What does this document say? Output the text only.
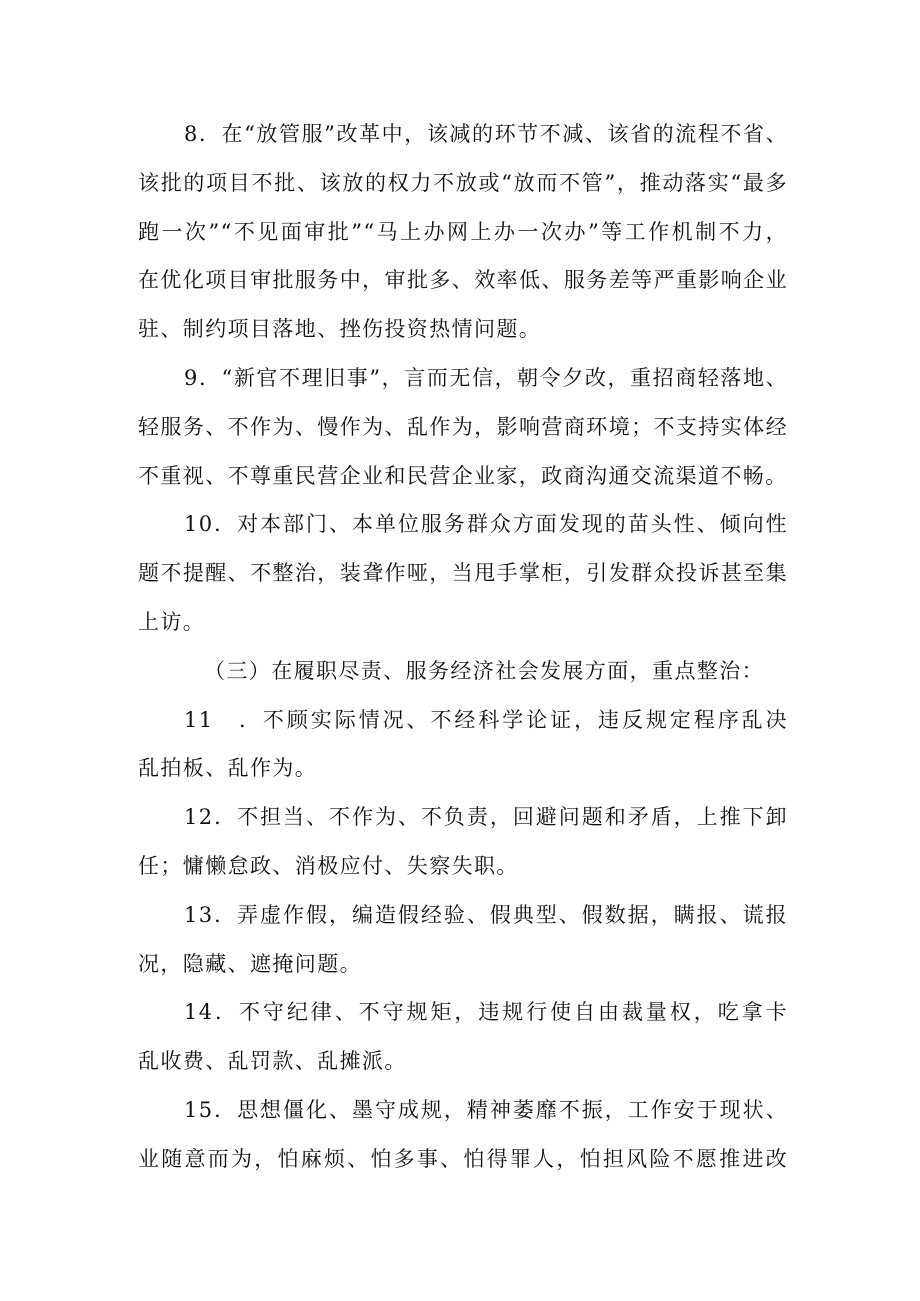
8．在“放管服”改革中，该减的环节不减、该省的流程不省、
该批的项目不批、该放的权力不放或“放而不管”，推动落实“最多
跑一次”“不见面审批”“马上办网上办一次办”等工作机制不力，
在优化项目审批服务中，审批多、效率低、服务差等严重影响企业
驻、制约项目落地、挫伤投资热情问题。
9．“新官不理旧事”，言而无信，朝令夕改，重招商轻落地、
轻服务、不作为、慢作为、乱作为，影响营商环境；不支持实体经
不重视、不尊重民营企业和民营企业家，政商沟通交流渠道不畅。
10．对本部门、本单位服务群众方面发现的苗头性、倾向性
题不提醒、不整治，装聋作哑，当甩手掌柜，引发群众投诉甚至集
上访。
（三）在履职尽责、服务经济社会发展方面，重点整治：
11　．不顾实际情况、不经科学论证，违反规定程序乱决
乱拍板、乱作为。
12．不担当、不作为、不负责，回避问题和矛盾，上推下卸
任；慵懒怠政、消极应付、失察失职。
13．弄虚作假，编造假经验、假典型、假数据，瞒报、谎报
况，隐藏、遮掩问题。
14．不守纪律、不守规矩，违规行使自由裁量权，吃拿卡
乱收费、乱罚款、乱摊派。
15．思想僵化、墨守成规，精神萎靡不振，工作安于现状、
业随意而为，怕麻烦、怕多事、怕得罪人，怕担风险不愿推进改
